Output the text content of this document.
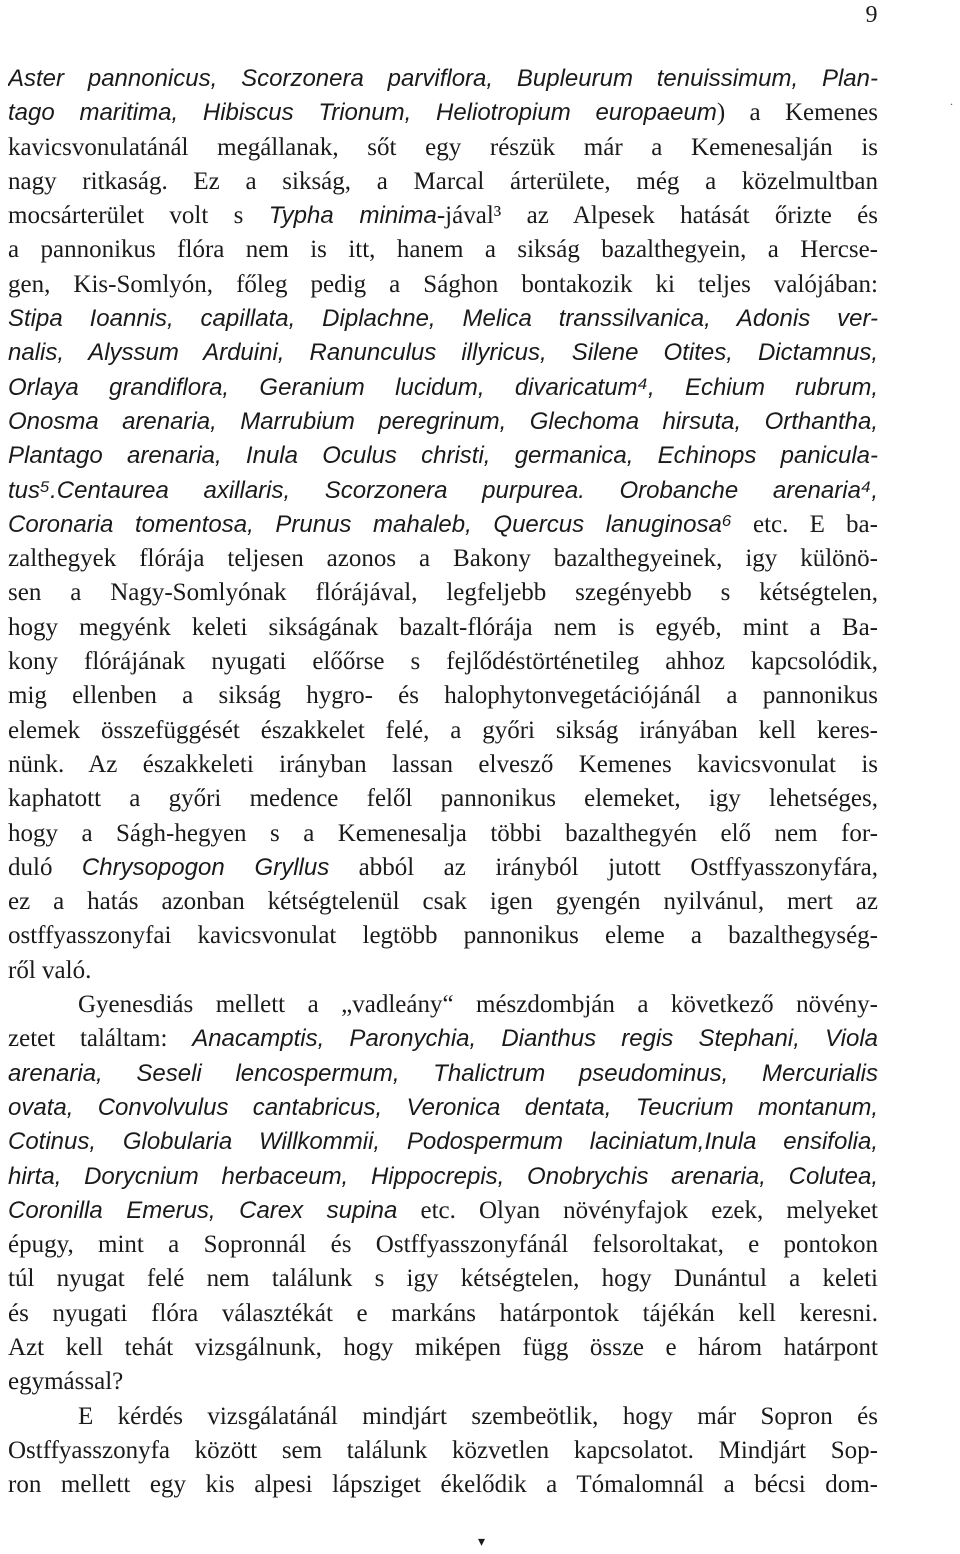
9
.
Aster pannonicus, Scorzonera parviflora, Bupleurum tenuissimum, Plan-
tago maritima, Hibiscus Trionum, Heliotropium europaeum) a Kemenes
kavicsvonulatánál megállanak, sőt egy részük már a Kemenesalján is
nagy ritkaság. Ez a sikság, a Marcal árterülete, még a közelmultban
mocsárterület volt s Typha minima-jával³ az Alpesek hatását őrizte és
a pannonikus flóra nem is itt, hanem a sikság bazalthegyein, a Hercse-
gen, Kis-Somlyón, főleg pedig a Sághon bontakozik ki teljes valójában:
Stipa Ioannis, capillata, Diplachne, Melica transsilvanica, Adonis ver-
nalis, Alyssum Arduini, Ranunculus illyricus, Silene Otites, Dictamnus,
Orlaya grandiflora, Geranium lucidum, divaricatum⁴, Echium rubrum,
Onosma arenaria, Marrubium peregrinum, Glechoma hirsuta, Orthantha,
Plantago arenaria, Inula Oculus christi, germanica, Echinops panicula-
tus⁵.Centaurea axillaris, Scorzonera purpurea. Orobanche arenaria⁴,
Coronaria tomentosa, Prunus mahaleb, Quercus lanuginosa⁶ etc. E ba-
zalthegyek flórája teljesen azonos a Bakony bazalthegyeinek, igy különö-
sen a Nagy-Somlyónak flórájával, legfeljebb szegényebb s kétségtelen,
hogy megyénk keleti sikságának bazalt-flórája nem is egyéb, mint a Ba-
kony flórájának nyugati előőrse s fejlődéstörténetileg ahhoz kapcsolódik,
mig ellenben a sikság hygro- és halophytonvegetációjánál a pannonikus
elemek összefüggését északkelet felé, a győri sikság irányában kell keres-
nünk. Az északkeleti irányban lassan elvesző Kemenes kavicsvonulat is
kaphatott a győri medence felől pannonikus elemeket, igy lehetséges,
hogy a Ságh-hegyen s a Kemenesalja többi bazalthegyén elő nem for-
duló Chrysopogon Gryllus abból az irányból jutott Ostffyasszonyfára,
ez a hatás azonban kétségtelenül csak igen gyengén nyilvánul, mert az
ostffyasszonyfai kavicsvonulat legtöbb pannonikus eleme a bazalthegység-
ről való.
Gyenesdiás mellett a „vadleány“ mészdombján a következő növény-
zetet találtam: Anacamptis, Paronychia, Dianthus regis Stephani, Viola
arenaria, Seseli lencospermum, Thalictrum pseudominus, Mercurialis
ovata, Convolvulus cantabricus, Veronica dentata, Teucrium montanum,
Cotinus, Globularia Willkommii, Podospermum laciniatum,Inula ensifolia,
hirta, Dorycnium herbaceum, Hippocrepis, Onobrychis arenaria, Colutea,
Coronilla Emerus, Carex supina etc. Olyan növényfajok ezek, melyeket
épugy, mint a Sopronnál és Ostffyasszonyfánál felsoroltakat, e pontokon
túl nyugat felé nem találunk s igy kétségtelen, hogy Dunántul a keleti
és nyugati flóra választékát e markáns határpontok tájékán kell keresni.
Azt kell tehát vizsgálnunk, hogy miképen függ össze e három határpont
egymással?
E kérdés vizsgálatánál mindjárt szembeötlik, hogy már Sopron és
Ostffyasszonyfa között sem találunk közvetlen kapcsolatot. Mindjárt Sop-
ron mellett egy kis alpesi lápsziget ékelődik a Tómalomnál a bécsi dom-
▾
